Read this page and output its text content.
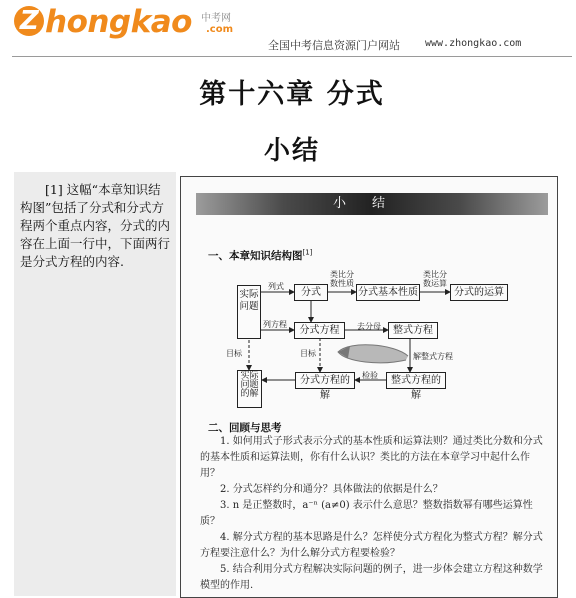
Z hongkao 中考网
.com
全国中考信息资源门户网站	www.zhongkao.com
第十六章 分式
小结
[1] 这幅“本章知识结构图”包括了分式和分式方程两个重点内容，分式的内容在上面一行中，下面两行是分式方程的内容.
小结
一、本章知识结构图[1]
实际问题
分式	分式基本性质	分式的运算
分式方程	整式方程
分式方程的解
整式方程的解
实际问题的解
列式
类比分数性质
类比分数运算
列方程	去分母
解整式方程
检验
目标	目标
二、回顾与思考
1. 如何用式子形式表示分式的基本性质和运算法则？通过类比分数和分式的基本性质和运算法则，你有什么认识？类比的方法在本章学习中起什么作用？
2. 分式怎样约分和通分？具体做法的依据是什么？
3. n 是正整数时，a⁻ⁿ (a≠0) 表示什么意思？整数指数幂有哪些运算性质？
4. 解分式方程的基本思路是什么？怎样使分式方程化为整式方程？解分式方程要注意什么？为什么解分式方程要检验？
5. 结合利用分式方程解决实际问题的例子，进一步体会建立方程这种数学模型的作用.
